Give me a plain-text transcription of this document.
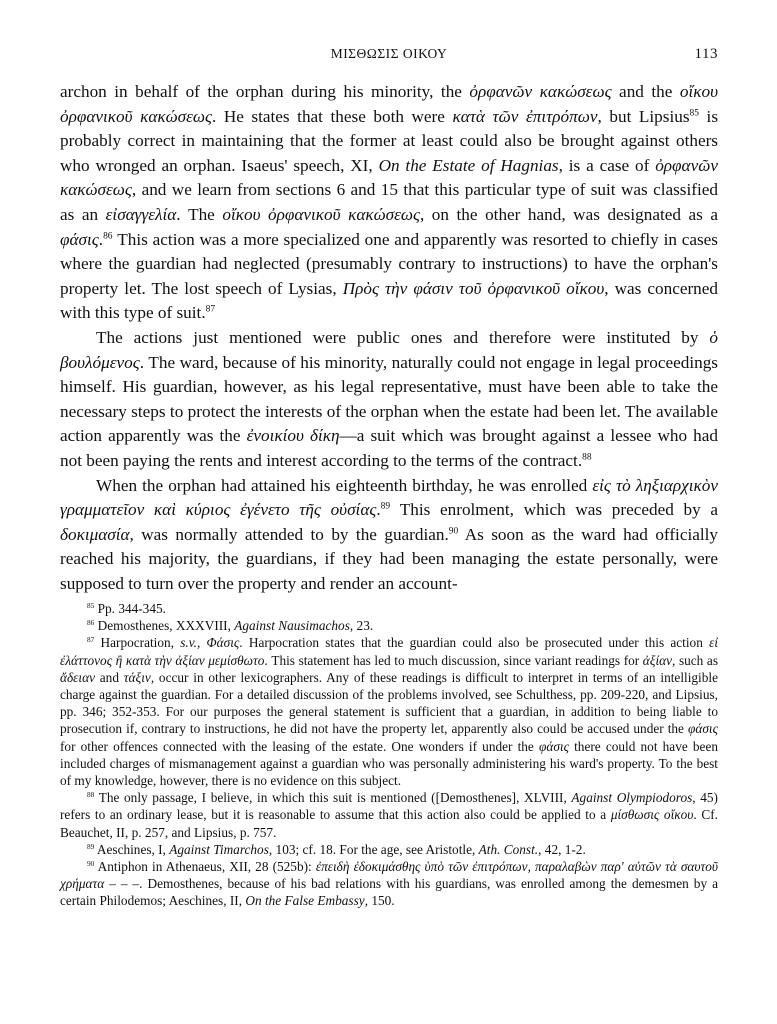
ΜΙΣΘΩΣΙΣ ΟΙΚΟΥ	113

archon in behalf of the orphan during his minority, the ὀρφανῶν κακώσεως and the οἴκου ὀρφανικοῦ κακώσεως. He states that these both were κατὰ τῶν ἐπιτρόπων, but Lipsius$^{85}$ is probably correct in maintaining that the former at least could also be brought against others who wronged an orphan. Isaeus' speech, XI, On the Estate of Hagnias, is a case of ὀρφανῶν κακώσεως, and we learn from sections 6 and 15 that this particular type of suit was classified as an εἰσαγγελία. The οἴκου ὀρφανικοῦ κακώσεως, on the other hand, was designated as a φάσις.$^{86}$ This action was a more specialized one and apparently was resorted to chiefly in cases where the guardian had neglected (presumably contrary to instructions) to have the orphan's property let. The lost speech of Lysias, Πρὸς τὴν φάσιν τοῦ ὀρφανικοῦ οἴκου, was concerned with this type of suit.$^{87}$

The actions just mentioned were public ones and therefore were instituted by ὁ βουλόμενος. The ward, because of his minority, naturally could not engage in legal proceedings himself. His guardian, however, as his legal representative, must have been able to take the necessary steps to protect the interests of the orphan when the estate had been let. The available action apparently was the ἐνοικίου δίκη—a suit which was brought against a lessee who had not been paying the rents and interest according to the terms of the contract.$^{88}$

When the orphan had attained his eighteenth birthday, he was enrolled εἰς τὸ ληξιαρχικὸν γραμματεῖον καὶ κύριος ἐγένετο τῆς οὐσίας.$^{89}$ This enrolment, which was preceded by a δοκιμασία, was normally attended to by the guardian.$^{90}$ As soon as the ward had officially reached his majority, the guardians, if they had been managing the estate personally, were supposed to turn over the property and render an account-

$^{85}$ Pp. 344-345.

$^{86}$ Demosthenes, XXXVIII, Against Nausimachos, 23.

$^{87}$ Harpocration, s.v., Φάσις. Harpocration states that the guardian could also be prosecuted under this action εἰ ἐλάττονος ἢ κατὰ τὴν ἀξίαν μεμίσθωτο. This statement has led to much discussion, since variant readings for ἀξίαν, such as ἄδειαν and τάξιν, occur in other lexicographers. Any of these readings is difficult to interpret in terms of an intelligible charge against the guardian. For a detailed discussion of the problems involved, see Schulthess, pp. 209-220, and Lipsius, pp. 346; 352-353. For our purposes the general statement is sufficient that a guardian, in addition to being liable to prosecution if, contrary to instructions, he did not have the property let, apparently also could be accused under the φάσις for other offences connected with the leasing of the estate. One wonders if under the φάσις there could not have been included charges of mismanagement against a guardian who was personally administering his ward's property. To the best of my knowledge, however, there is no evidence on this subject.

$^{88}$ The only passage, I believe, in which this suit is mentioned ([Demosthenes], XLVIII, Against Olympiodoros, 45) refers to an ordinary lease, but it is reasonable to assume that this action also could be applied to a μίσθωσις οἴκου. Cf. Beauchet, II, p. 257, and Lipsius, p. 757.

$^{89}$ Aeschines, I, Against Timarchos, 103; cf. 18. For the age, see Aristotle, Ath. Const., 42, 1-2.

$^{90}$ Antiphon in Athenaeus, XII, 28 (525b): ἐπειδὴ ἐδοκιμάσθης ὑπὸ τῶν ἐπιτρόπων, παραλαβὼν παρ' αὐτῶν τὰ σαυτοῦ χρήματα – – –. Demosthenes, because of his bad relations with his guardians, was enrolled among the demesmen by a certain Philodemos; Aeschines, II, On the False Embassy, 150.
